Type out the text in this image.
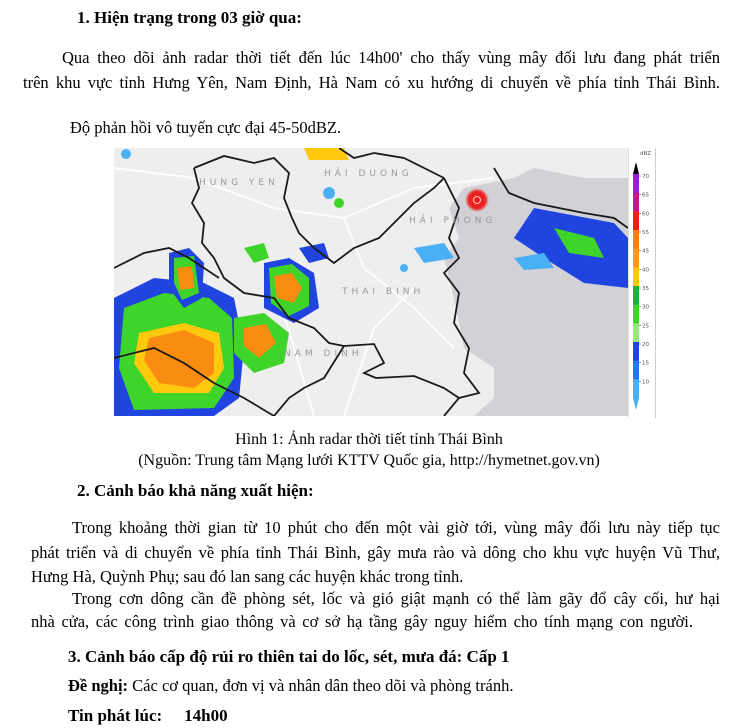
1. Hiện trạng trong 03 giờ qua:
Qua theo dõi ảnh radar thời tiết đến lúc 14h00' cho thấy vùng mây đối lưu đang phát triển
trên khu vực tỉnh Hưng Yên, Nam Định, Hà Nam có xu hướng di chuyển về phía tỉnh Thái Bình.
Độ phản hồi vô tuyến cực đại 45-50dBZ.
HUNG YEN
HẢI DUONG
HẢI PHONG
THAI BINH
NAM DINH
dBZ
70
65
60
55
45
40
35
30
25
20
15
10
Hình 1: Ảnh radar thời tiết tỉnh Thái Bình
(Nguồn: Trung tâm Mạng lưới KTTV Quốc gia, http://hymetnet.gov.vn)
2. Cảnh báo khả năng xuất hiện:
Trong khoảng thời gian từ 10 phút cho đến một vài giờ tới, vùng mây đối lưu này tiếp tục
phát triển và di chuyển về phía tỉnh Thái Bình, gây mưa rào và dông cho khu vực huyện Vũ Thư,
Hưng Hà, Quỳnh Phụ; sau đó lan sang các huyện khác trong tỉnh.
Trong cơn dông cần đề phòng sét, lốc và gió giật mạnh có thể làm gãy đổ cây cối, hư hại
nhà cửa, các công trình giao thông và cơ sở hạ tầng gây nguy hiểm cho tính mạng con người.
3. Cảnh báo cấp độ rủi ro thiên tai do lốc, sét, mưa đá: Cấp 1
Đề nghị: Các cơ quan, đơn vị và nhân dân theo dõi và phòng tránh.
Tin phát lúc: 14h00
